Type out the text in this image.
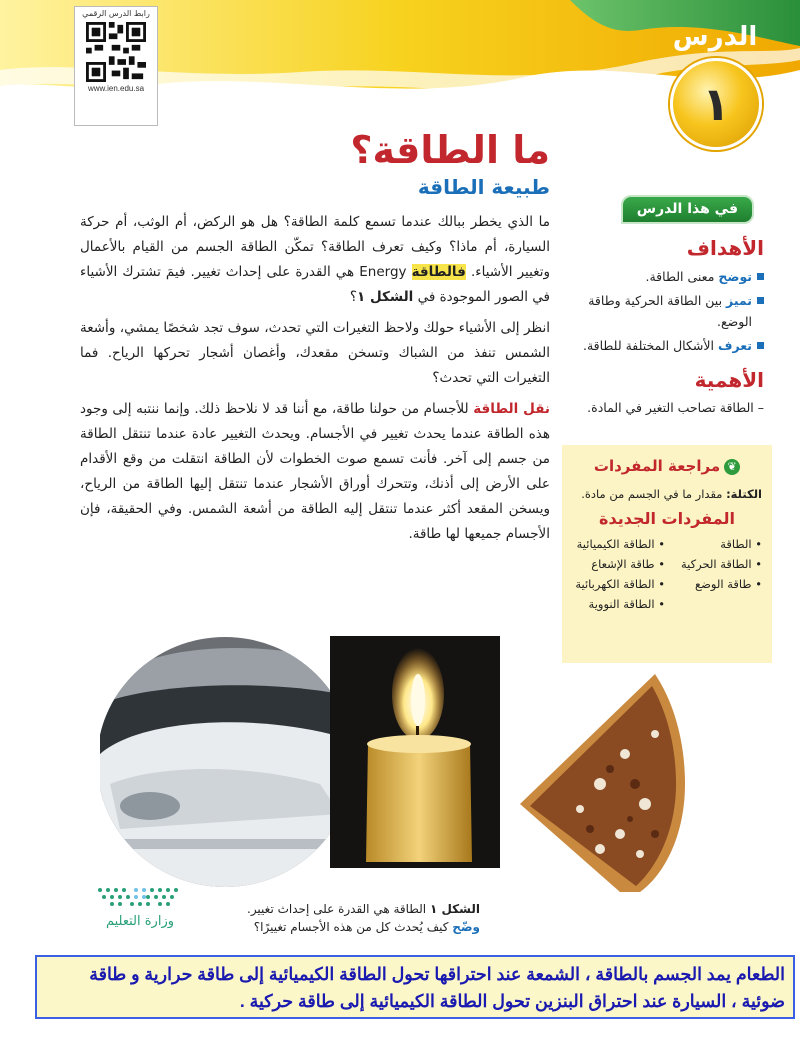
الدرس
١
رابط الدرس الرقمي
www.ien.edu.sa
ما الطاقة؟
طبيعة الطاقة

ما الذي يخطر ببالك عندما تسمع كلمة الطاقة؟ هل هو الركض، أم الوثب، أم حركة السيارة، أم ماذا؟ وكيف تعرف الطاقة؟ تمكّن الطاقة الجسم من القيام بالأعمال وتغيير الأشياء. فالطاقة Energy هي القدرة على إحداث تغيير. فيمَ تشترك الأشياء في الصور الموجودة في الشكل ١؟

انظر إلى الأشياء حولك ولاحظ التغيرات التي تحدث، سوف تجد شخصًا يمشي، وأشعة الشمس تنفذ من الشباك وتسخن مقعدك، وأغصان أشجار تحركها الرياح. فما التغيرات التي تحدث؟

نقل الطاقة للأجسام من حولنا طاقة، مع أننا قد لا نلاحظ ذلك. وإنما ننتبه إلى وجود هذه الطاقة عندما يحدث تغيير في الأجسام. ويحدث التغيير عادة عندما تنتقل الطاقة من جسم إلى آخر. فأنت تسمع صوت الخطوات لأن الطاقة انتقلت من وقع الأقدام على الأرض إلى أذنك، وتتحرك أوراق الأشجار عندما تنتقل إليها الطاقة من الرياح، ويسخن المقعد أكثر عندما تنتقل إليه الطاقة من أشعة الشمس. وفي الحقيقة، فإن الأجسام جميعها لها طاقة.

في هذا الدرس
الأهداف
توضح معنى الطاقة.
تميز بين الطاقة الحركية وطاقة الوضع.
تعرف الأشكال المختلفة للطاقة.
الأهمية
– الطاقة تصاحب التغير في المادة.
❦مراجعة المفردات
الكتلة: مقدار ما في الجسم من مادة.
المفردات الجديدة
• الطاقة
• الطاقة الكيميائية
• الطاقة الحركية
• طاقة الإشعاع
• طاقة الوضع
• الطاقة الكهربائية
• الطاقة النووية
الشكل ١ الطاقة هي القدرة على إحداث تغيير.
وضّح كيف يُحدث كل من هذه الأجسام تغييرًا؟
وزارة التعليم
الطعام يمد الجسم بالطاقة ، الشمعة عند احتراقها تحول الطاقة الكيميائية إلى طاقة حرارية و طاقة ضوئية ، السيارة عند احتراق البنزين تحول الطاقة الكيميائية إلى طاقة حركية .
